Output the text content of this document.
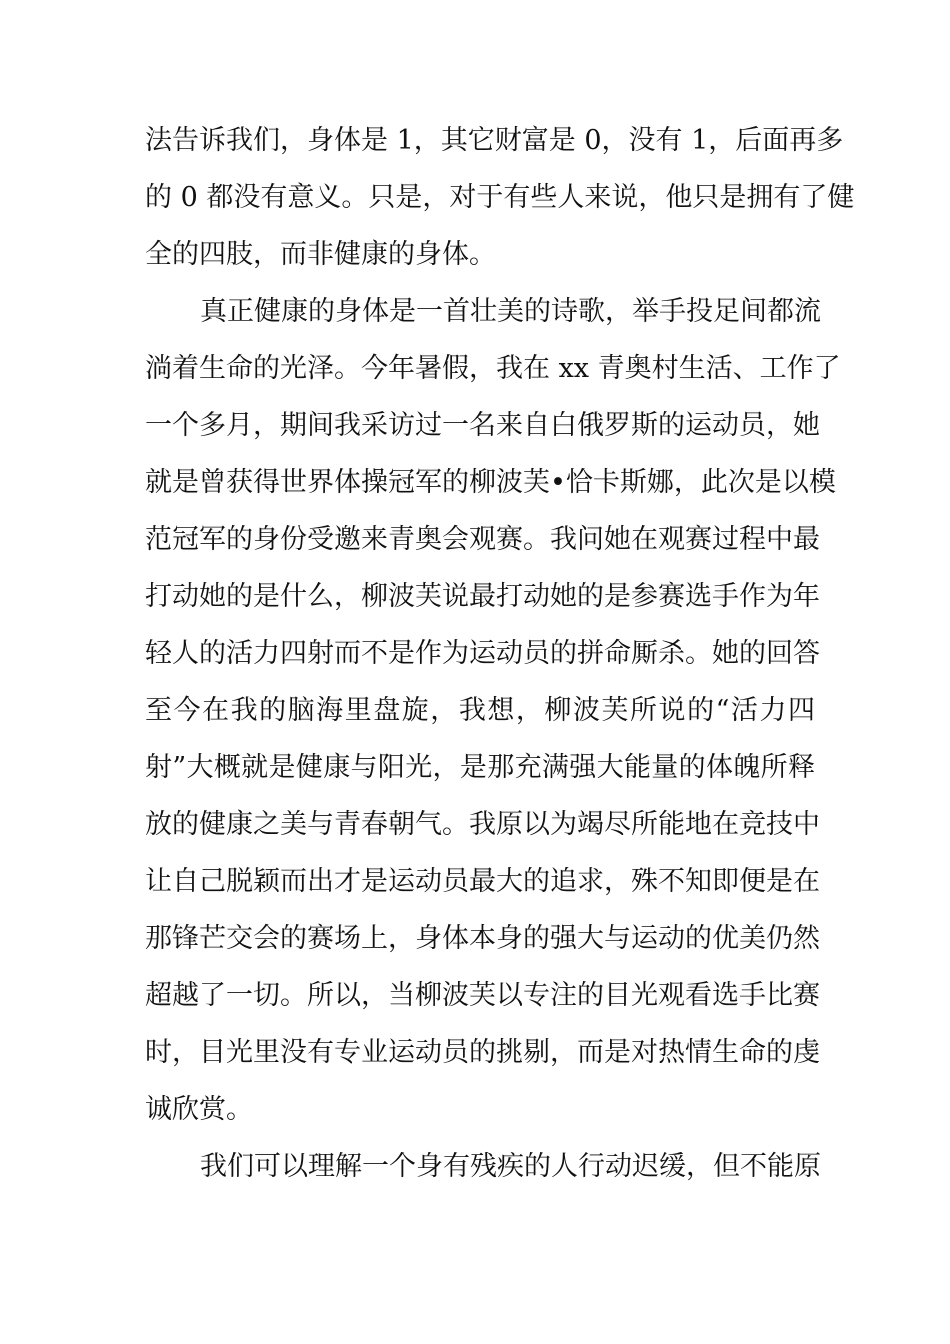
法告诉我们，身体是 1，其它财富是 0，没有 1，后面再多
的 0 都没有意义。只是，对于有些人来说，他只是拥有了健
全的四肢，而非健康的身体。
真正健康的身体是一首壮美的诗歌，举手投足间都流
淌着生命的光泽。今年暑假，我在 xx 青奥村生活、工作了
一个多月，期间我采访过一名来自白俄罗斯的运动员，她
就是曾获得世界体操冠军的柳波芙•恰卡斯娜，此次是以模
范冠军的身份受邀来青奥会观赛。我问她在观赛过程中最
打动她的是什么，柳波芙说最打动她的是参赛选手作为年
轻人的活力四射而不是作为运动员的拼命厮杀。她的回答
至今在我的脑海里盘旋，我想，柳波芙所说的“活力四
射”大概就是健康与阳光，是那充满强大能量的体魄所释
放的健康之美与青春朝气。我原以为竭尽所能地在竞技中
让自己脱颖而出才是运动员最大的追求，殊不知即便是在
那锋芒交会的赛场上，身体本身的强大与运动的优美仍然
超越了一切。所以，当柳波芙以专注的目光观看选手比赛
时，目光里没有专业运动员的挑剔，而是对热情生命的虔
诚欣赏。
我们可以理解一个身有残疾的人行动迟缓，但不能原
